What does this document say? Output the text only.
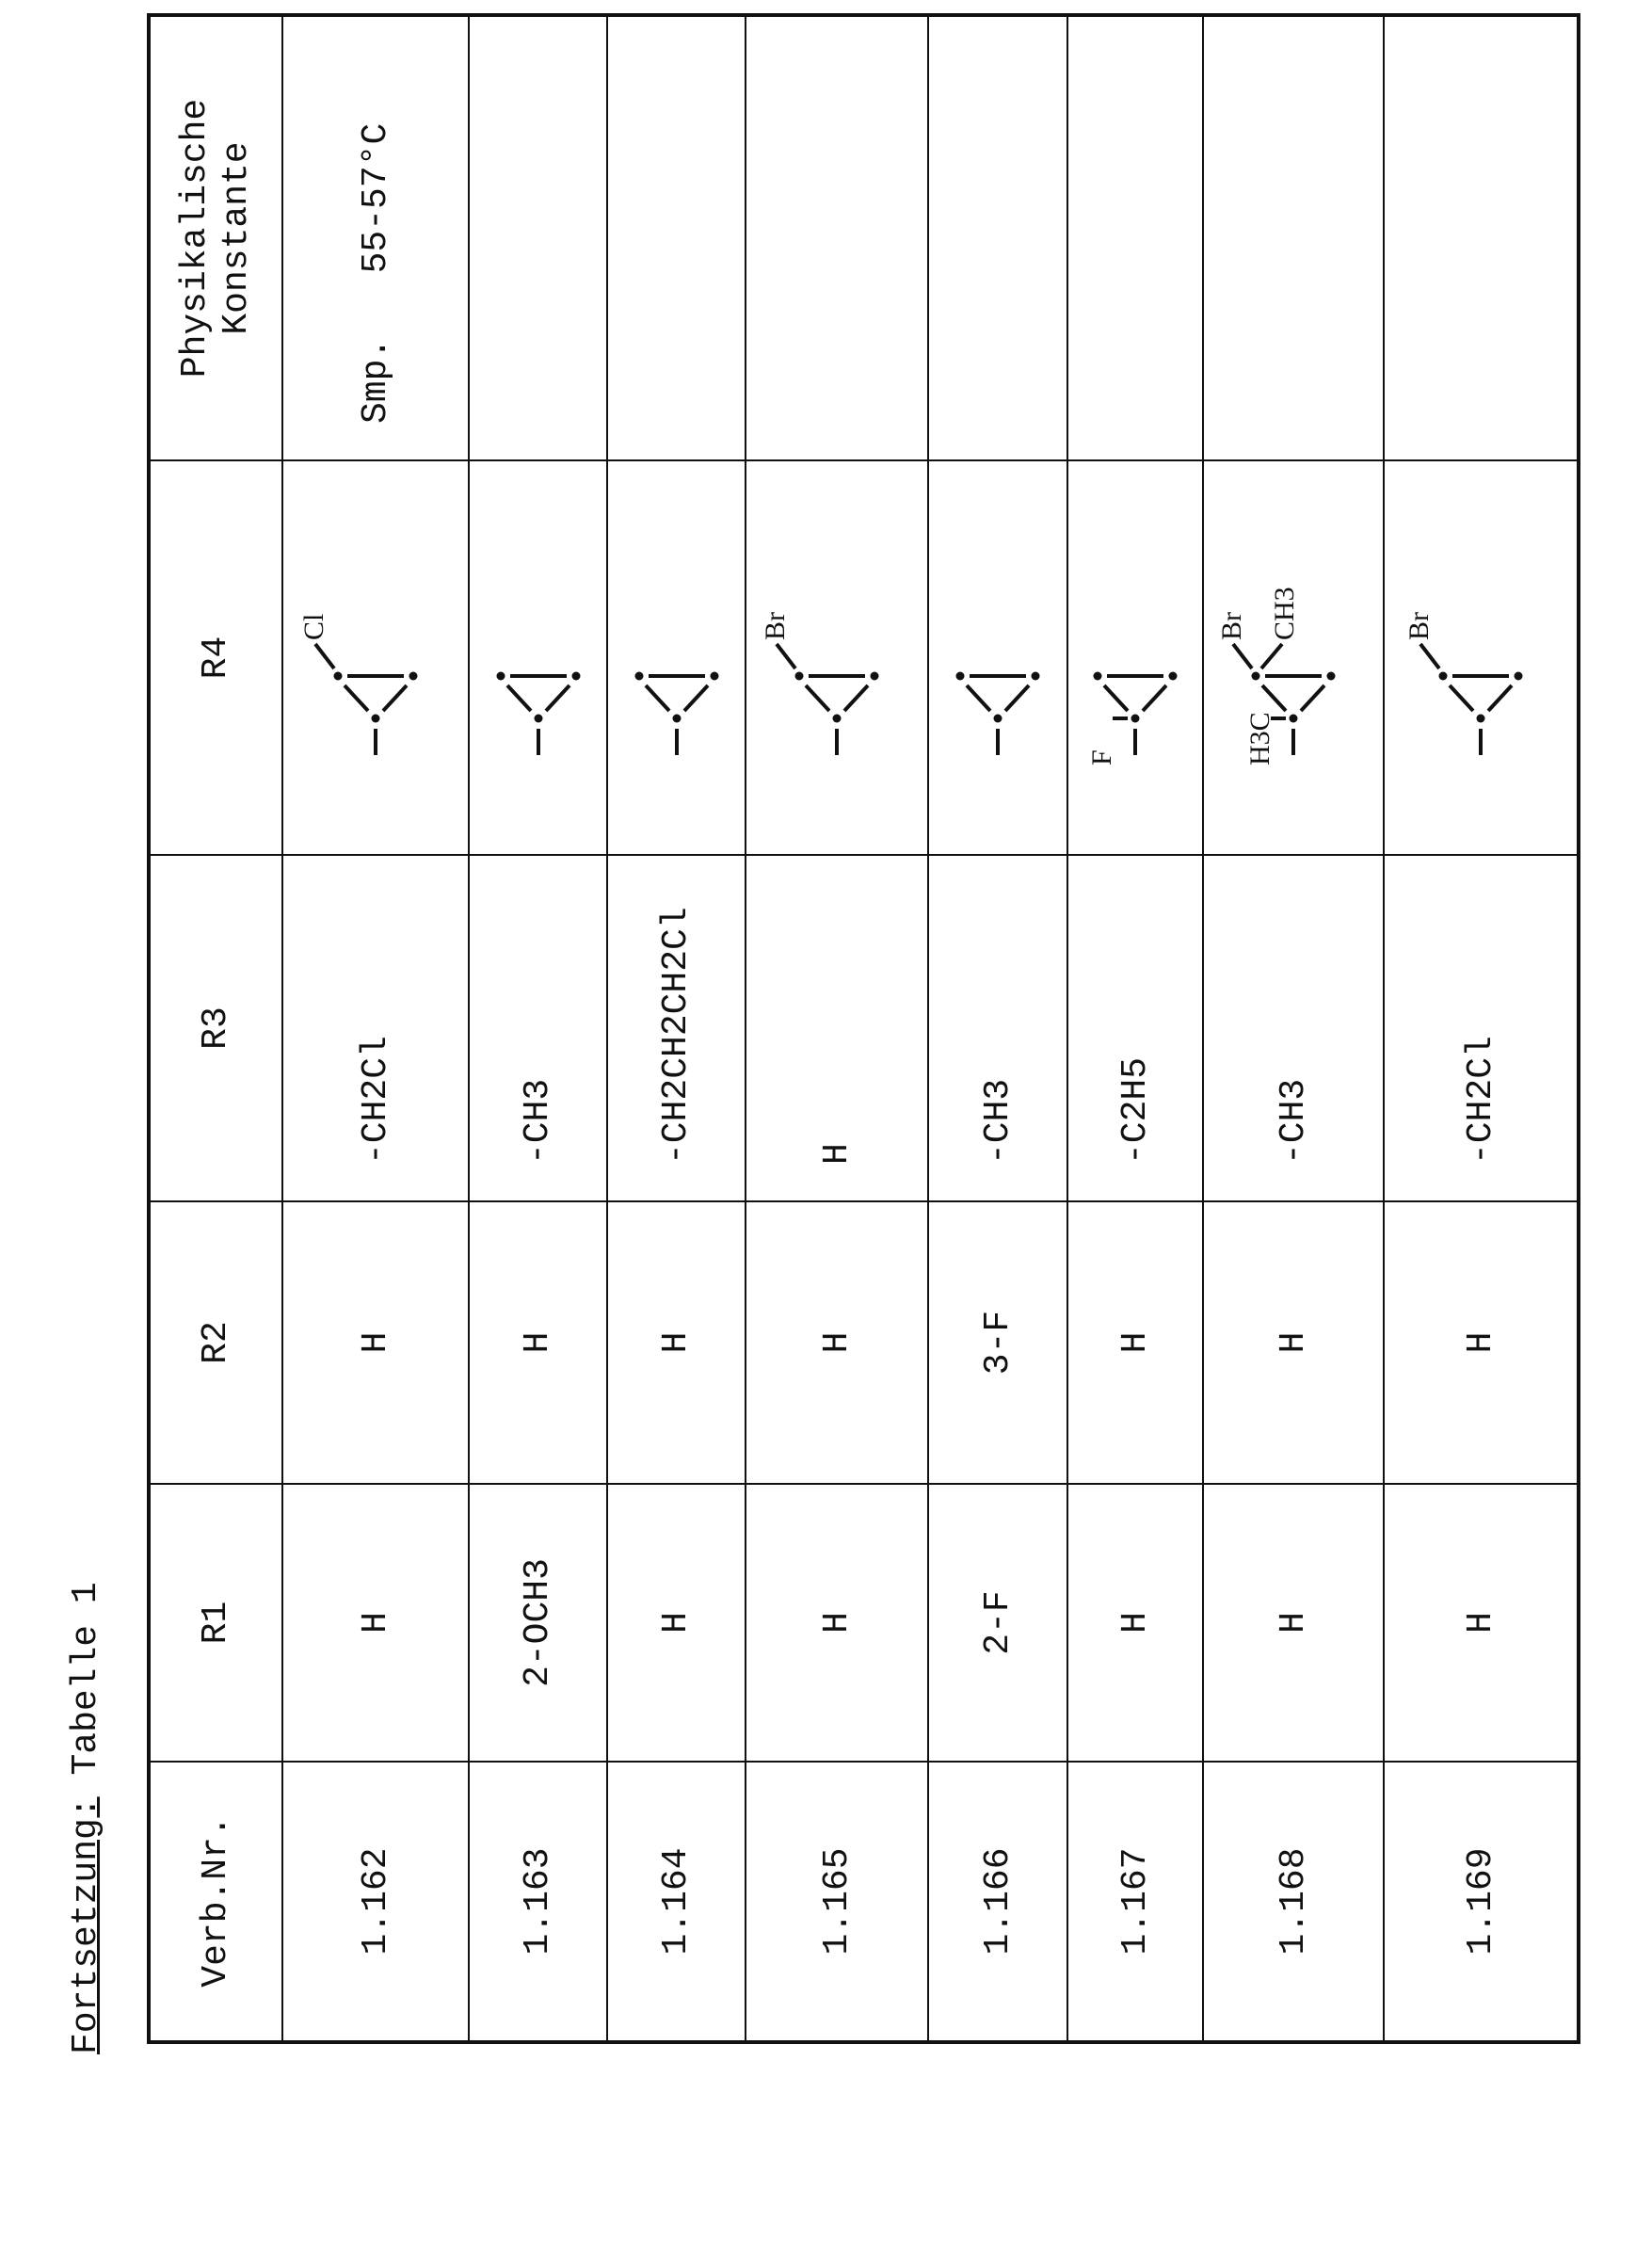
Fortsetzung: Tabelle 1
Verb.Nr.	R1	R2	R3	R4	Physikalische
Konstante
1.162	H	H	-CH2Cl	
Cl
	Smp.   55-57°C
1.163	2-OCH3	H	-CH3	

1.164	H	H	-CH2CH2CH2Cl	

1.165	H	H	H	
Br

1.166	2-F	3-F	-CH3	

1.167	H	H	-C2H5	
F

1.168	H	H	-CH3	
Br CH3
H3C

1.169	H	H	-CH2Cl	
Br
